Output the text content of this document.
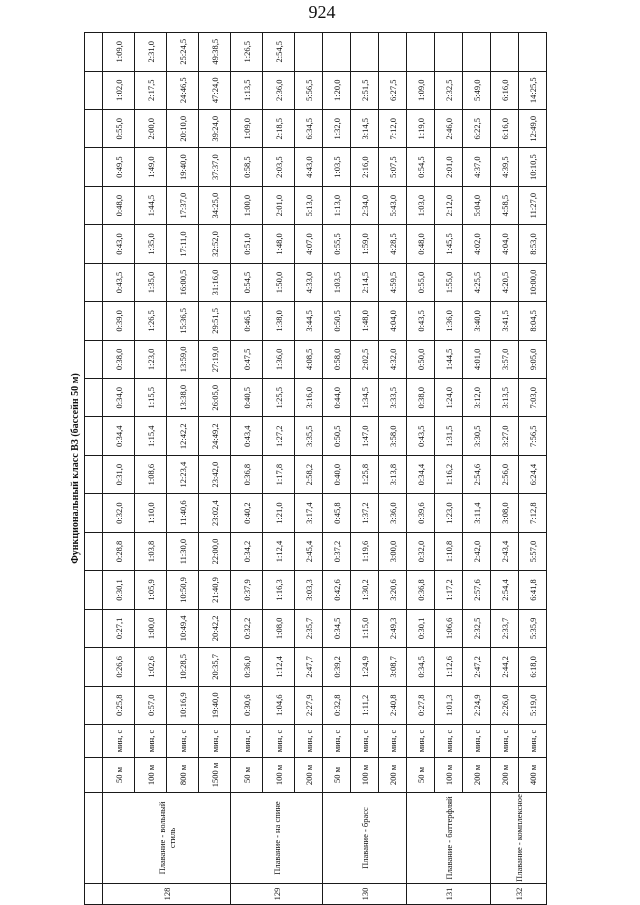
924
Функциональный класс B3 (бассейн 50 м)

128	Плавание - вольный стиль	50 м	мин, с	0:25,8	0:26,6	0:27,1	0:30,1	0:28,8	0:32,0	0:31,0	0:34,4	0:34,0	0:38,0	0:39,0	0:43,5	0:43,0	0:48,0	0:49,5	0:55,0	1:02,0	1:09,0
		100 м	мин, с	0:57,0	1:02,6	1:00,0	1:05,9	1:03,8	1:10,0	1:08,6	1:15,4	1:15,5	1:23,0	1:26,5	1:35,0	1:35,0	1:44,5	1:49,0	2:00,0	2:17,5	2:31,0
		800 м	мин, с	10:16,9	10:28,5	10:49,4	10:50,9	11:30,0	11:40,6	12:23,4	12:42,2	13:38,0	13:59,0	15:36,5	16:00,5	17:11,0	17:37,0	19:40,0	20:10,0	24:46,5	25:24,5
		1500 м	мин, с	19:40,0	20:35,7	20:42,2	21:40,9	22:00,0	23:02,4	23:42,0	24:49,2	26:05,0	27:19,0	29:51,5	31:16,0	32:52,0	34:25,0	37:37,0	39:24,0	47:24,0	49:38,5
129	Плавание - на спине	50 м	мин, с	0:30,6	0:36,0	0:32,2	0:37,9	0:34,2	0:40,2	0:36,8	0:43,4	0:40,5	0:47,5	0:46,5	0:54,5	0:51,0	1:00,0	0:58,5	1:09,0	1:13,5	1:26,5
		100 м	мин, с	1:04,6	1:12,4	1:08,0	1:16,3	1:12,4	1:21,0	1:17,8	1:27,2	1:25,5	1:36,0	1:38,0	1:50,0	1:48,0	2:01,0	2:03,5	2:18,5	2:36,0	2:54,5
		200 м	мин, с	2:27,9	2:47,7	2:35,7	3:03,3	2:45,4	3:17,4	2:58,2	3:35,5	3:16,0	4:08,5	3:44,5	4:33,0	4:07,0	5:13,0	4:43,0	6:34,5	5:56,5	
130	Плавание - брасс	50 м	мин, с	0:32,8	0:39,2	0:34,5	0:42,6	0:37,2	0:45,8	0:40,0	0:50,5	0:44,0	0:58,0	0:50,5	1:03,5	0:55,5	1:13,0	1:03,5	1:32,0	1:20,0	
		100 м	мин, с	1:11,2	1:24,9	1:15,0	1:30,2	1:19,6	1:37,2	1:25,8	1:47,0	1:34,5	2:02,5	1:48,0	2:14,5	1:59,0	2:34,0	2:16,0	3:14,5	2:51,5	
		200 м	мин, с	2:40,8	3:08,7	2:49,3	3:20,6	3:00,0	3:36,0	3:13,8	3:58,0	3:33,5	4:32,0	4:04,0	4:59,5	4:28,5	5:43,0	5:07,5	7:12,0	6:27,5	
131	Плавание - баттерфляй	50 м	мин, с	0:27,8	0:34,5	0:30,1	0:36,8	0:32,0	0:39,6	0:34,4	0:43,5	0:38,0	0:50,0	0:43,5	0:55,0	0:48,0	1:03,0	0:54,5	1:19,0	1:09,0	
		100 м	мин, с	1:01,3	1:12,6	1:06,6	1:17,2	1:10,8	1:23,0	1:16,2	1:31,5	1:24,0	1:44,5	1:36,0	1:55,0	1:45,5	2:12,0	2:01,0	2:46,0	2:32,5	
		200 м	мин, с	2:24,9	2:47,2	2:32,5	2:57,6	2:42,0	3:11,4	2:54,6	3:30,5	3:12,0	4:01,0	3:40,0	4:25,5	4:02,0	5:04,0	4:37,0	6:22,5	5:49,0	
132	Плавание - комплексное	200 м	мин, с	2:26,0	2:44,2	2:33,7	2:54,4	2:43,4	3:08,0	2:56,0	3:27,0	3:13,5	3:57,0	3:41,5	4:20,5	4:04,0	4:58,5	4:39,5	6:16,0	6:16,0	
		400 м	мин, с	5:19,0	6:18,0	5:35,9	6:41,8	5:57,0	7:12,8	6:24,4	7:56,5	7:03,0	9:05,0	8:04,5	10:00,0	8:53,0	11:27,0	10:10,5	12:49,0	14:25,5	
